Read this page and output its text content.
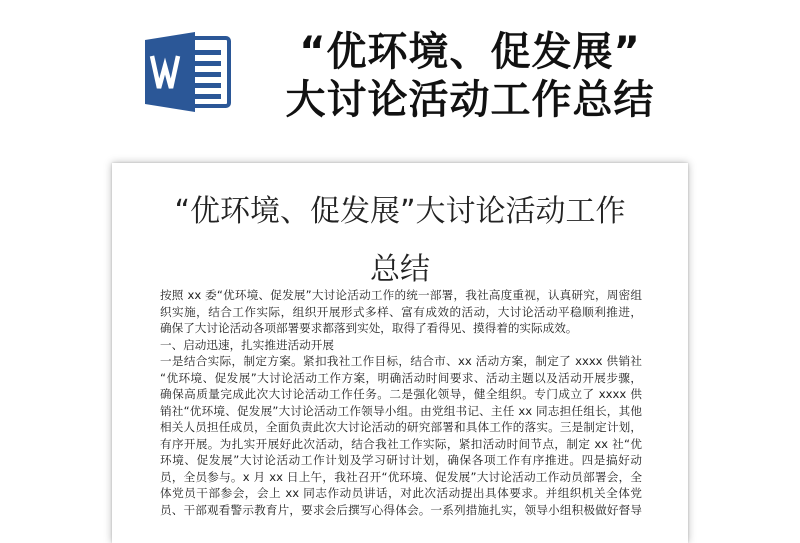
“优环境、促发展”
大讨论活动工作总结
“优环境、促发展”大讨论活动工作
总结
按照 xx 委“优环境、促发展”大讨论活动工作的统一部署，我社高度重视，认真研究，周密组
织实施，结合工作实际，组织开展形式多样、富有成效的活动，大讨论活动平稳顺利推进，
确保了大讨论活动各项部署要求都落到实处，取得了看得见、摸得着的实际成效。
一、启动迅速，扎实推进活动开展
一是结合实际，制定方案。紧扣我社工作目标，结合市、xx 活动方案，制定了 xxxx 供销社
“优环境、促发展”大讨论活动工作方案，明确活动时间要求、活动主题以及活动开展步骤，
确保高质量完成此次大讨论活动工作任务。二是强化领导，健全组织。专门成立了 xxxx 供
销社“优环境、促发展”大讨论活动工作领导小组。由党组书记、主任 xx 同志担任组长，其他
相关人员担任成员，全面负责此次大讨论活动的研究部署和具体工作的落实。三是制定计划，
有序开展。为扎实开展好此次活动，结合我社工作实际，紧扣活动时间节点，制定 xx 社“优
环境、促发展”大讨论活动工作计划及学习研讨计划，确保各项工作有序推进。四是搞好动
员，全员参与。x 月 xx 日上午，我社召开“优环境、促发展”大讨论活动工作动员部署会，全
体党员干部参会，会上 xx 同志作动员讲话，对此次活动提出具体要求。并组织机关全体党
员、干部观看警示教育片，要求会后撰写心得体会。一系列措施扎实，领导小组积极做好督导
